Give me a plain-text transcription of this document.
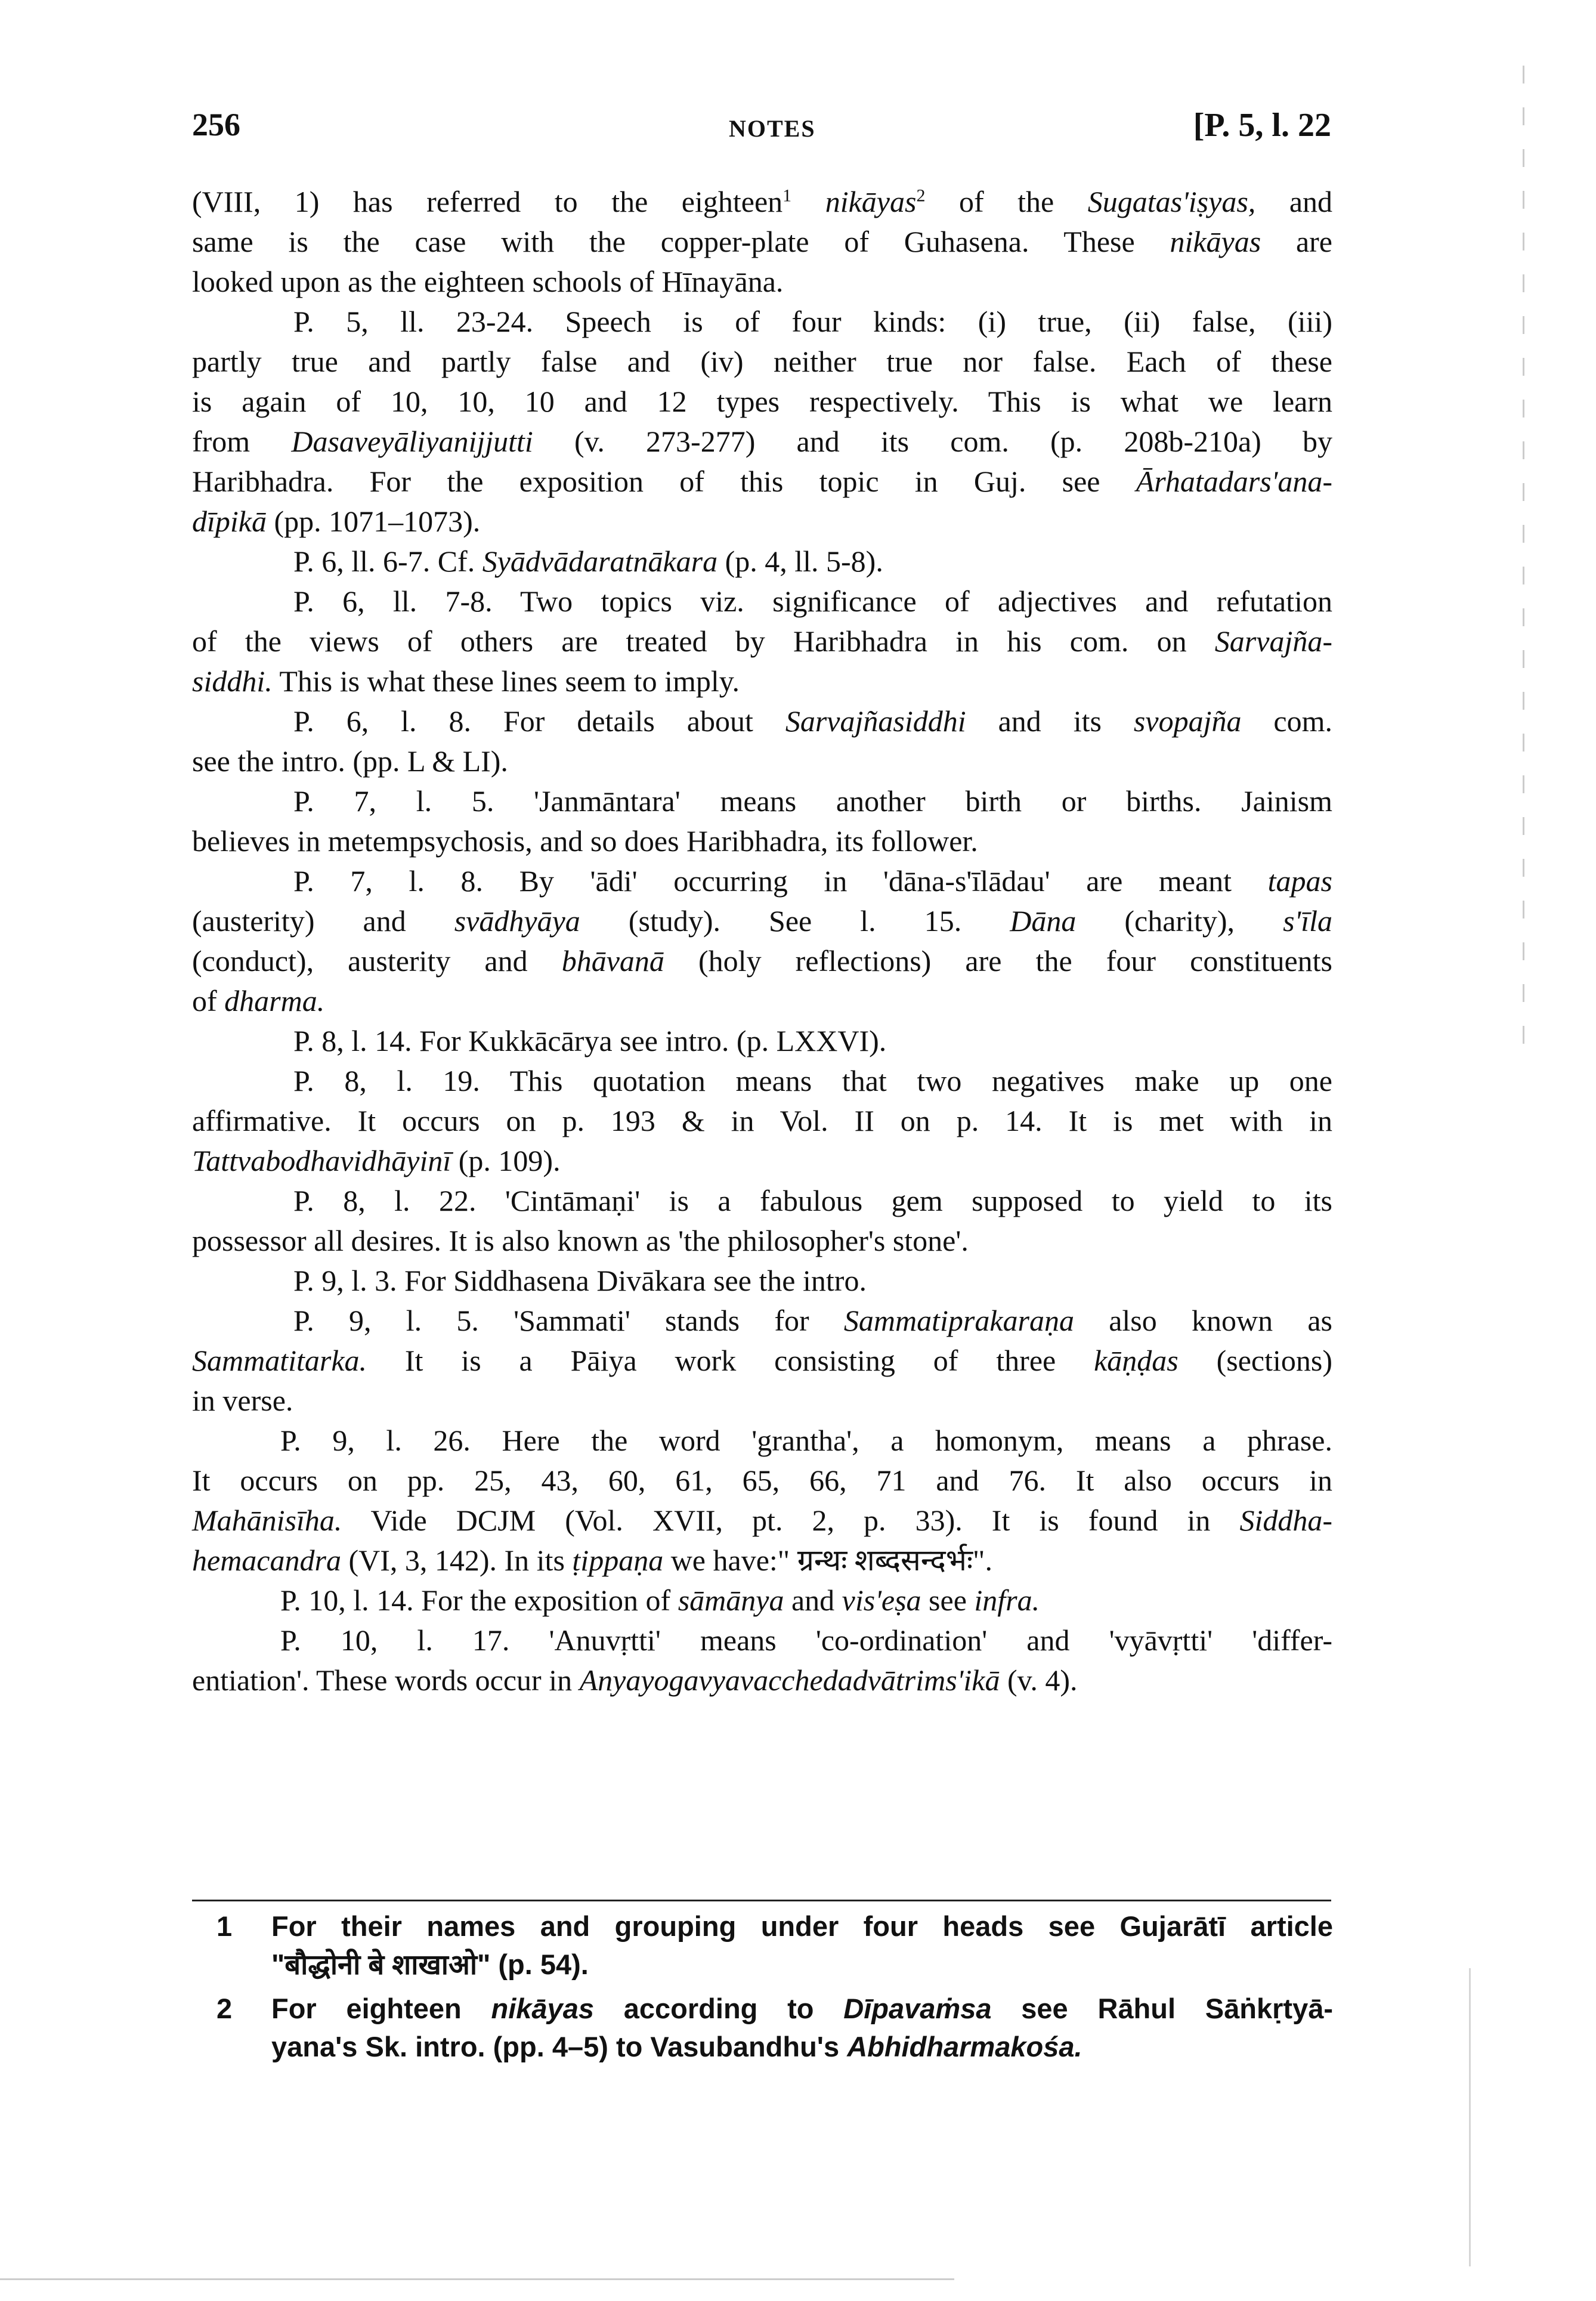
256	NOTES	[P. 5, l. 22
(VIII, 1) has referred to the eighteen$^1$ nikāyas$^2$ of the Sugatas'iṣyas, and
same is the case with the copper-plate of Guhasena. These nikāyas are
looked upon as the eighteen schools of Hīnayāna.
P. 5, ll. 23-24. Speech is of four kinds: (i) true, (ii) false, (iii)
partly true and partly false and (iv) neither true nor false. Each of these
is again of 10, 10, 10 and 12 types respectively. This is what we learn
from Dasaveyāliyanijjutti (v. 273-277) and its com. (p. 208b-210a) by
Haribhadra. For the exposition of this topic in Guj. see Ārhatadars'ana-
dīpikā (pp. 1071–1073).
P. 6, ll. 6-7. Cf. Syādvādaratnākara (p. 4, ll. 5-8).
P. 6, ll. 7-8. Two topics viz. significance of adjectives and refutation
of the views of others are treated by Haribhadra in his com. on Sarvajña-
siddhi. This is what these lines seem to imply.
P. 6, l. 8. For details about Sarvajñasiddhi and its svopajña com.
see the intro. (pp. L & LI).
P. 7, l. 5. 'Janmāntara' means another birth or births. Jainism
believes in metempsychosis, and so does Haribhadra, its follower.
P. 7, l. 8. By 'ādi' occurring in 'dāna-s'īlādau' are meant tapas
(austerity) and svādhyāya (study). See l. 15. Dāna (charity), s'īla
(conduct), austerity and bhāvanā (holy reflections) are the four constituents
of dharma.
P. 8, l. 14. For Kukkācārya see intro. (p. LXXVI).
P. 8, l. 19. This quotation means that two negatives make up one
affirmative. It occurs on p. 193 & in Vol. II on p. 14. It is met with in
Tattvabodhavidhāyinī (p. 109).
P. 8, l. 22. 'Cintāmaṇi' is a fabulous gem supposed to yield to its
possessor all desires. It is also known as 'the philosopher's stone'.
P. 9, l. 3. For Siddhasena Divākara see the intro.
P. 9, l. 5. 'Sammati' stands for Sammatiprakaraṇa also known as
Sammatitarka. It is a Pāiya work consisting of three kāṇḍas (sections)
in verse.
P. 9, l. 26. Here the word 'grantha', a homonym, means a phrase.
It occurs on pp. 25, 43, 60, 61, 65, 66, 71 and 76. It also occurs in
Mahānisīha. Vide DCJM (Vol. XVII, pt. 2, p. 33). It is found in Siddha-
hemacandra (VI, 3, 142). In its ṭippaṇa we have:" ग्रन्थः शब्दसन्दर्भः".
P. 10, l. 14. For the exposition of sāmānya and vis'eṣa see infra.
P. 10, l. 17. 'Anuvṛtti' means 'co-ordination' and 'vyāvṛtti' 'differ-
entiation'. These words occur in Anyayogavyavacchedadvātrims'ikā (v. 4).
1 For their names and grouping under four heads see Gujarātī article
"बौद्धोनी बे शाखाओ" (p. 54).
2 For eighteen nikāyas according to Dīpavaṁsa see Rāhul Sāṅkṛtyā-
yana's Sk. intro. (pp. 4–5) to Vasubandhu's Abhidharmakośa.
